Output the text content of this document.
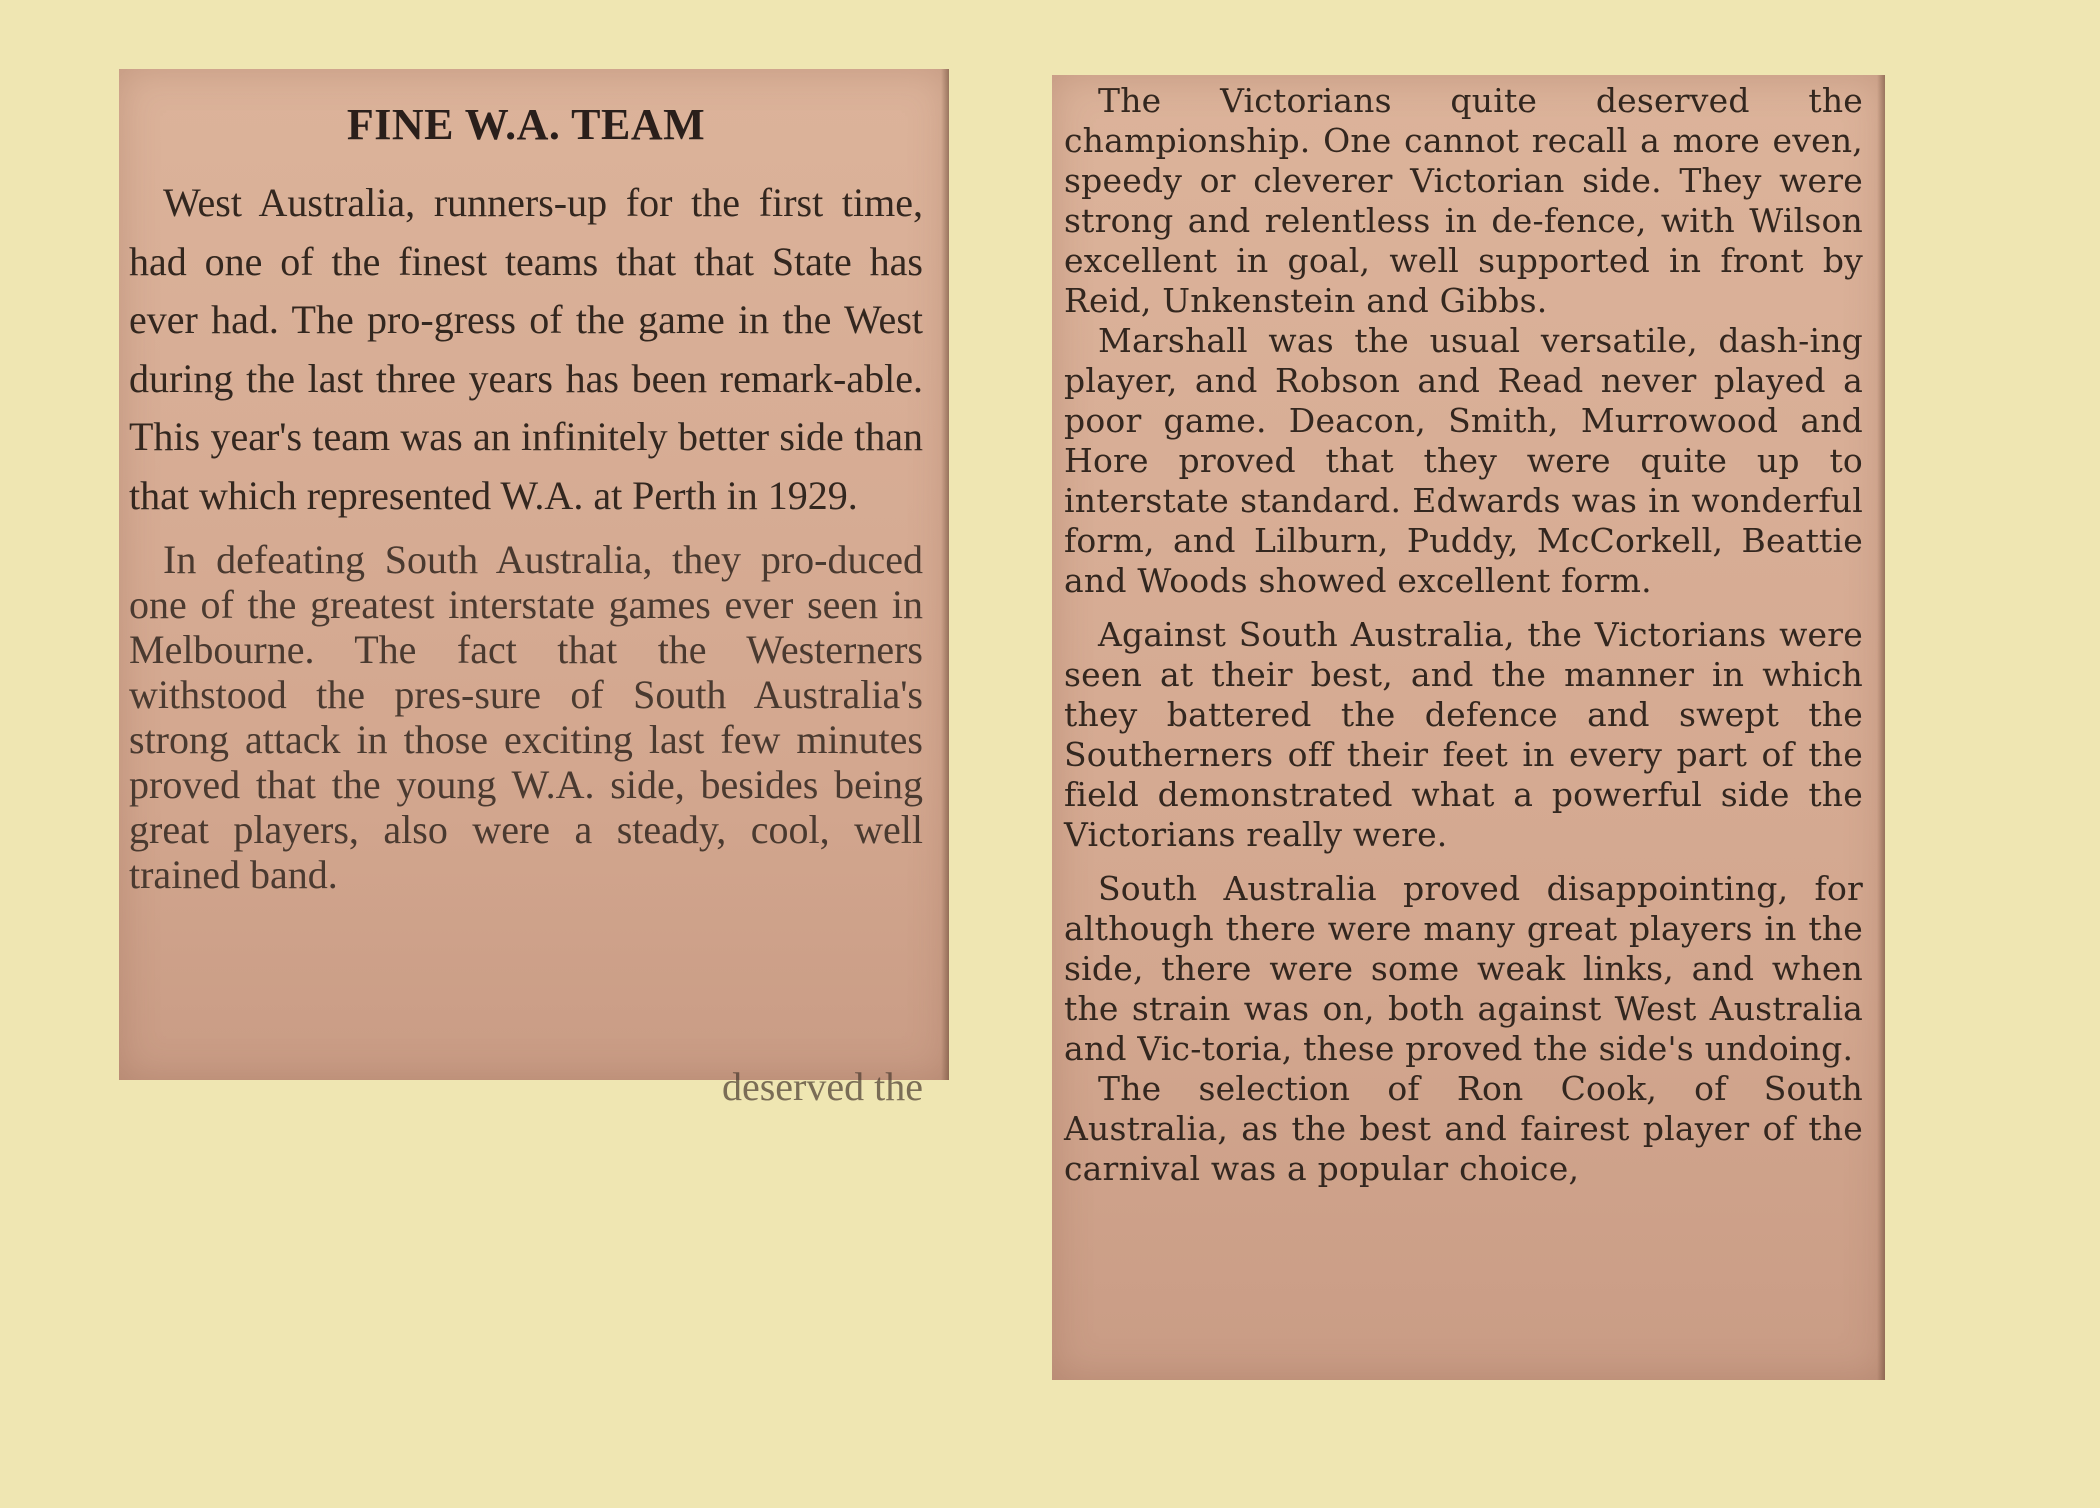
FINE W.A. TEAM

West Australia, runners-up for the first time, had one of the finest teams that that State has ever had. The pro-gress of the game in the West during the last three years has been remark-able. This year's team was an infinitely better side than that which represented W.A. at Perth in 1929.

In defeating South Australia, they pro-duced one of the greatest interstate games ever seen in Melbourne. The fact that the Westerners withstood the pres-sure of South Australia's strong attack in those exciting last few minutes proved that the young W.A. side, besides being great players, also were a steady, cool, well trained band.

deserved the

The Victorians quite deserved the championship. One cannot recall a more even, speedy or cleverer Victorian side. They were strong and relentless in de-fence, with Wilson excellent in goal, well supported in front by Reid, Unkenstein and Gibbs.

Marshall was the usual versatile, dash-ing player, and Robson and Read never played a poor game. Deacon, Smith, Murrowood and Hore proved that they were quite up to interstate standard. Edwards was in wonderful form, and Lilburn, Puddy, McCorkell, Beattie and Woods showed excellent form.

Against South Australia, the Victorians were seen at their best, and the manner in which they battered the defence and swept the Southerners off their feet in every part of the field demonstrated what a powerful side the Victorians really were.

South Australia proved disappointing, for although there were many great players in the side, there were some weak links, and when the strain was on, both against West Australia and Vic-toria, these proved the side's undoing.

The selection of Ron Cook, of South Australia, as the best and fairest player of the carnival was a popular choice,
